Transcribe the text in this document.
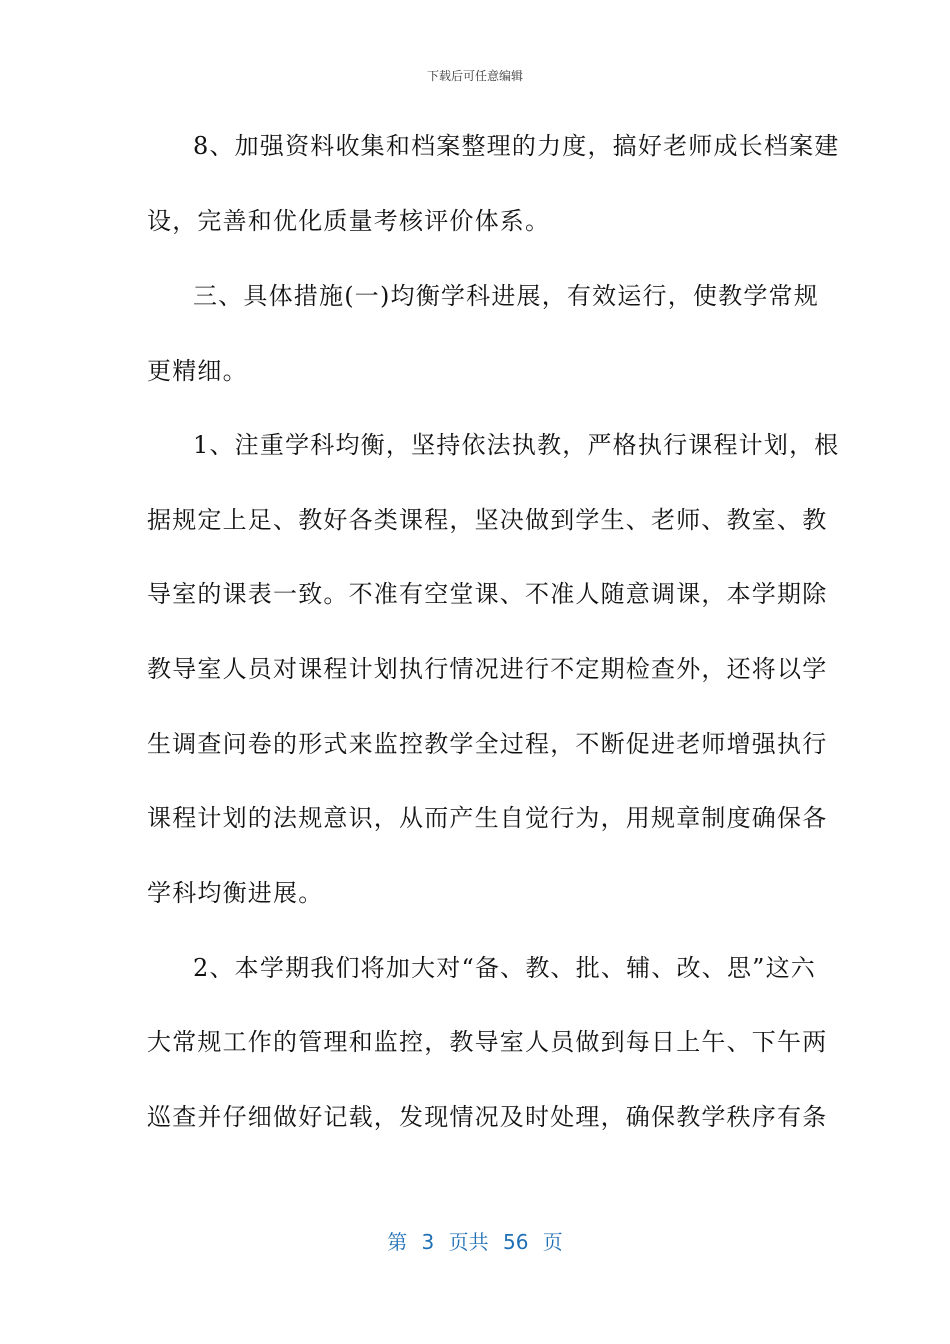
下载后可任意编辑
8、加强资料收集和档案整理的力度，搞好老师成长档案建
设，完善和优化质量考核评价体系。
三、具体措施(一)均衡学科进展，有效运行，使教学常规
更精细。
1、注重学科均衡，坚持依法执教，严格执行课程计划，根
据规定上足、教好各类课程，坚决做到学生、老师、教室、教
导室的课表一致。不准有空堂课、不准人随意调课，本学期除
教导室人员对课程计划执行情况进行不定期检查外，还将以学
生调查问卷的形式来监控教学全过程，不断促进老师增强执行
课程计划的法规意识，从而产生自觉行为，用规章制度确保各
学科均衡进展。
2、本学期我们将加大对“备、教、批、辅、改、思”这六
大常规工作的管理和监控，教导室人员做到每日上午、下午两
巡查并仔细做好记载，发现情况及时处理，确保教学秩序有条
第 3 页共 56 页
